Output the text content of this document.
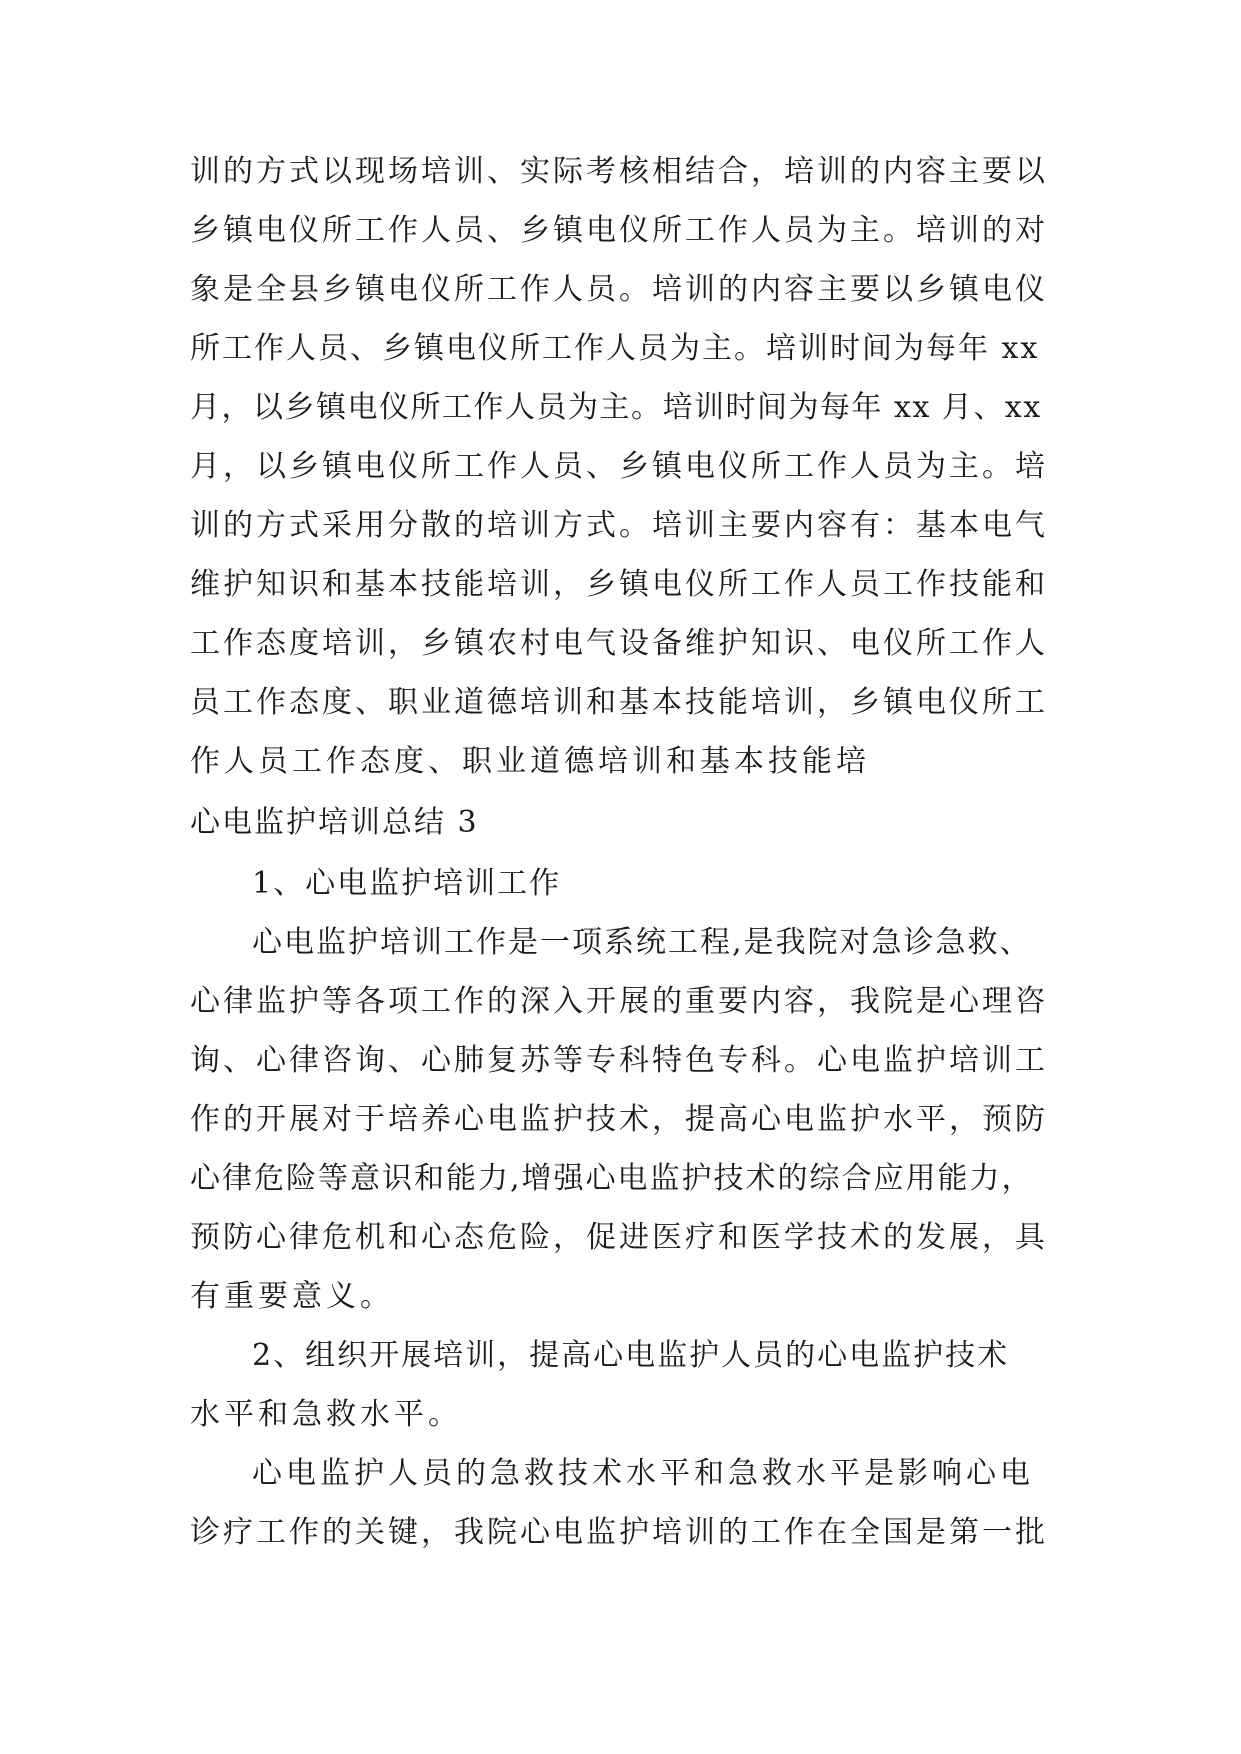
训的方式以现场培训、实际考核相结合，培训的内容主要以
乡镇电仪所工作人员、乡镇电仪所工作人员为主。培训的对
象是全县乡镇电仪所工作人员。培训的内容主要以乡镇电仪
所工作人员、乡镇电仪所工作人员为主。培训时间为每年 xx
月，以乡镇电仪所工作人员为主。培训时间为每年 xx 月、xx
月，以乡镇电仪所工作人员、乡镇电仪所工作人员为主。培
训的方式采用分散的培训方式。培训主要内容有：基本电气
维护知识和基本技能培训，乡镇电仪所工作人员工作技能和
工作态度培训，乡镇农村电气设备维护知识、电仪所工作人
员工作态度、职业道德培训和基本技能培训，乡镇电仪所工
作人员工作态度、职业道德培训和基本技能培
心电监护培训总结 3
1、心电监护培训工作
心电监护培训工作是一项系统工程,是我院对急诊急救、
心律监护等各项工作的深入开展的重要内容，我院是心理咨
询、心律咨询、心肺复苏等专科特色专科。心电监护培训工
作的开展对于培养心电监护技术，提高心电监护水平，预防
心律危险等意识和能力,增强心电监护技术的综合应用能力，
预防心律危机和心态危险，促进医疗和医学技术的发展，具
有重要意义。
2、组织开展培训，提高心电监护人员的心电监护技术
水平和急救水平。
心电监护人员的急救技术水平和急救水平是影响心电
诊疗工作的关键，我院心电监护培训的工作在全国是第一批
